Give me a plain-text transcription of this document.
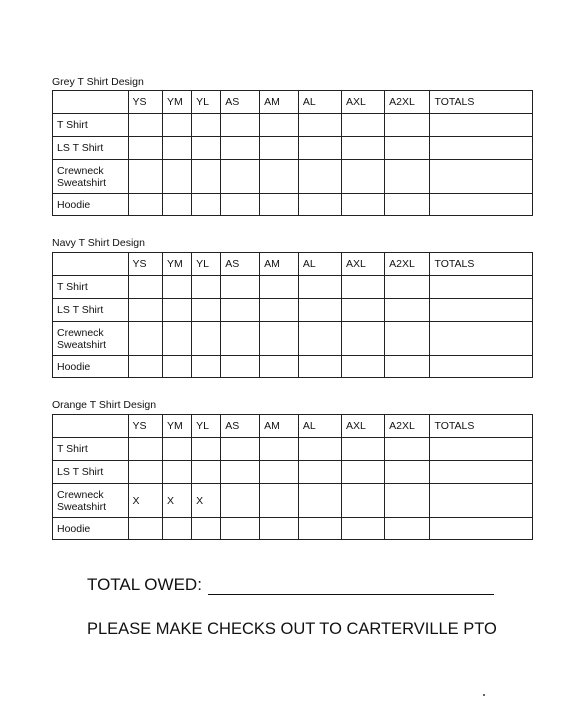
Grey T Shirt Design
	YS	YM	YL	AS	AM	AL	AXL	A2XL	TOTALS
T Shirt									
LS T Shirt									
Crewneck
Sweatshirt									
Hoodie									
Navy T Shirt Design
	YS	YM	YL	AS	AM	AL	AXL	A2XL	TOTALS
T Shirt									
LS T Shirt									
Crewneck
Sweatshirt									
Hoodie									
Orange T Shirt Design
	YS	YM	YL	AS	AM	AL	AXL	A2XL	TOTALS
T Shirt									
LS T Shirt									
Crewneck
Sweatshirt	X	X	X						
Hoodie									
TOTAL OWED:
PLEASE MAKE CHECKS OUT TO CARTERVILLE PTO
